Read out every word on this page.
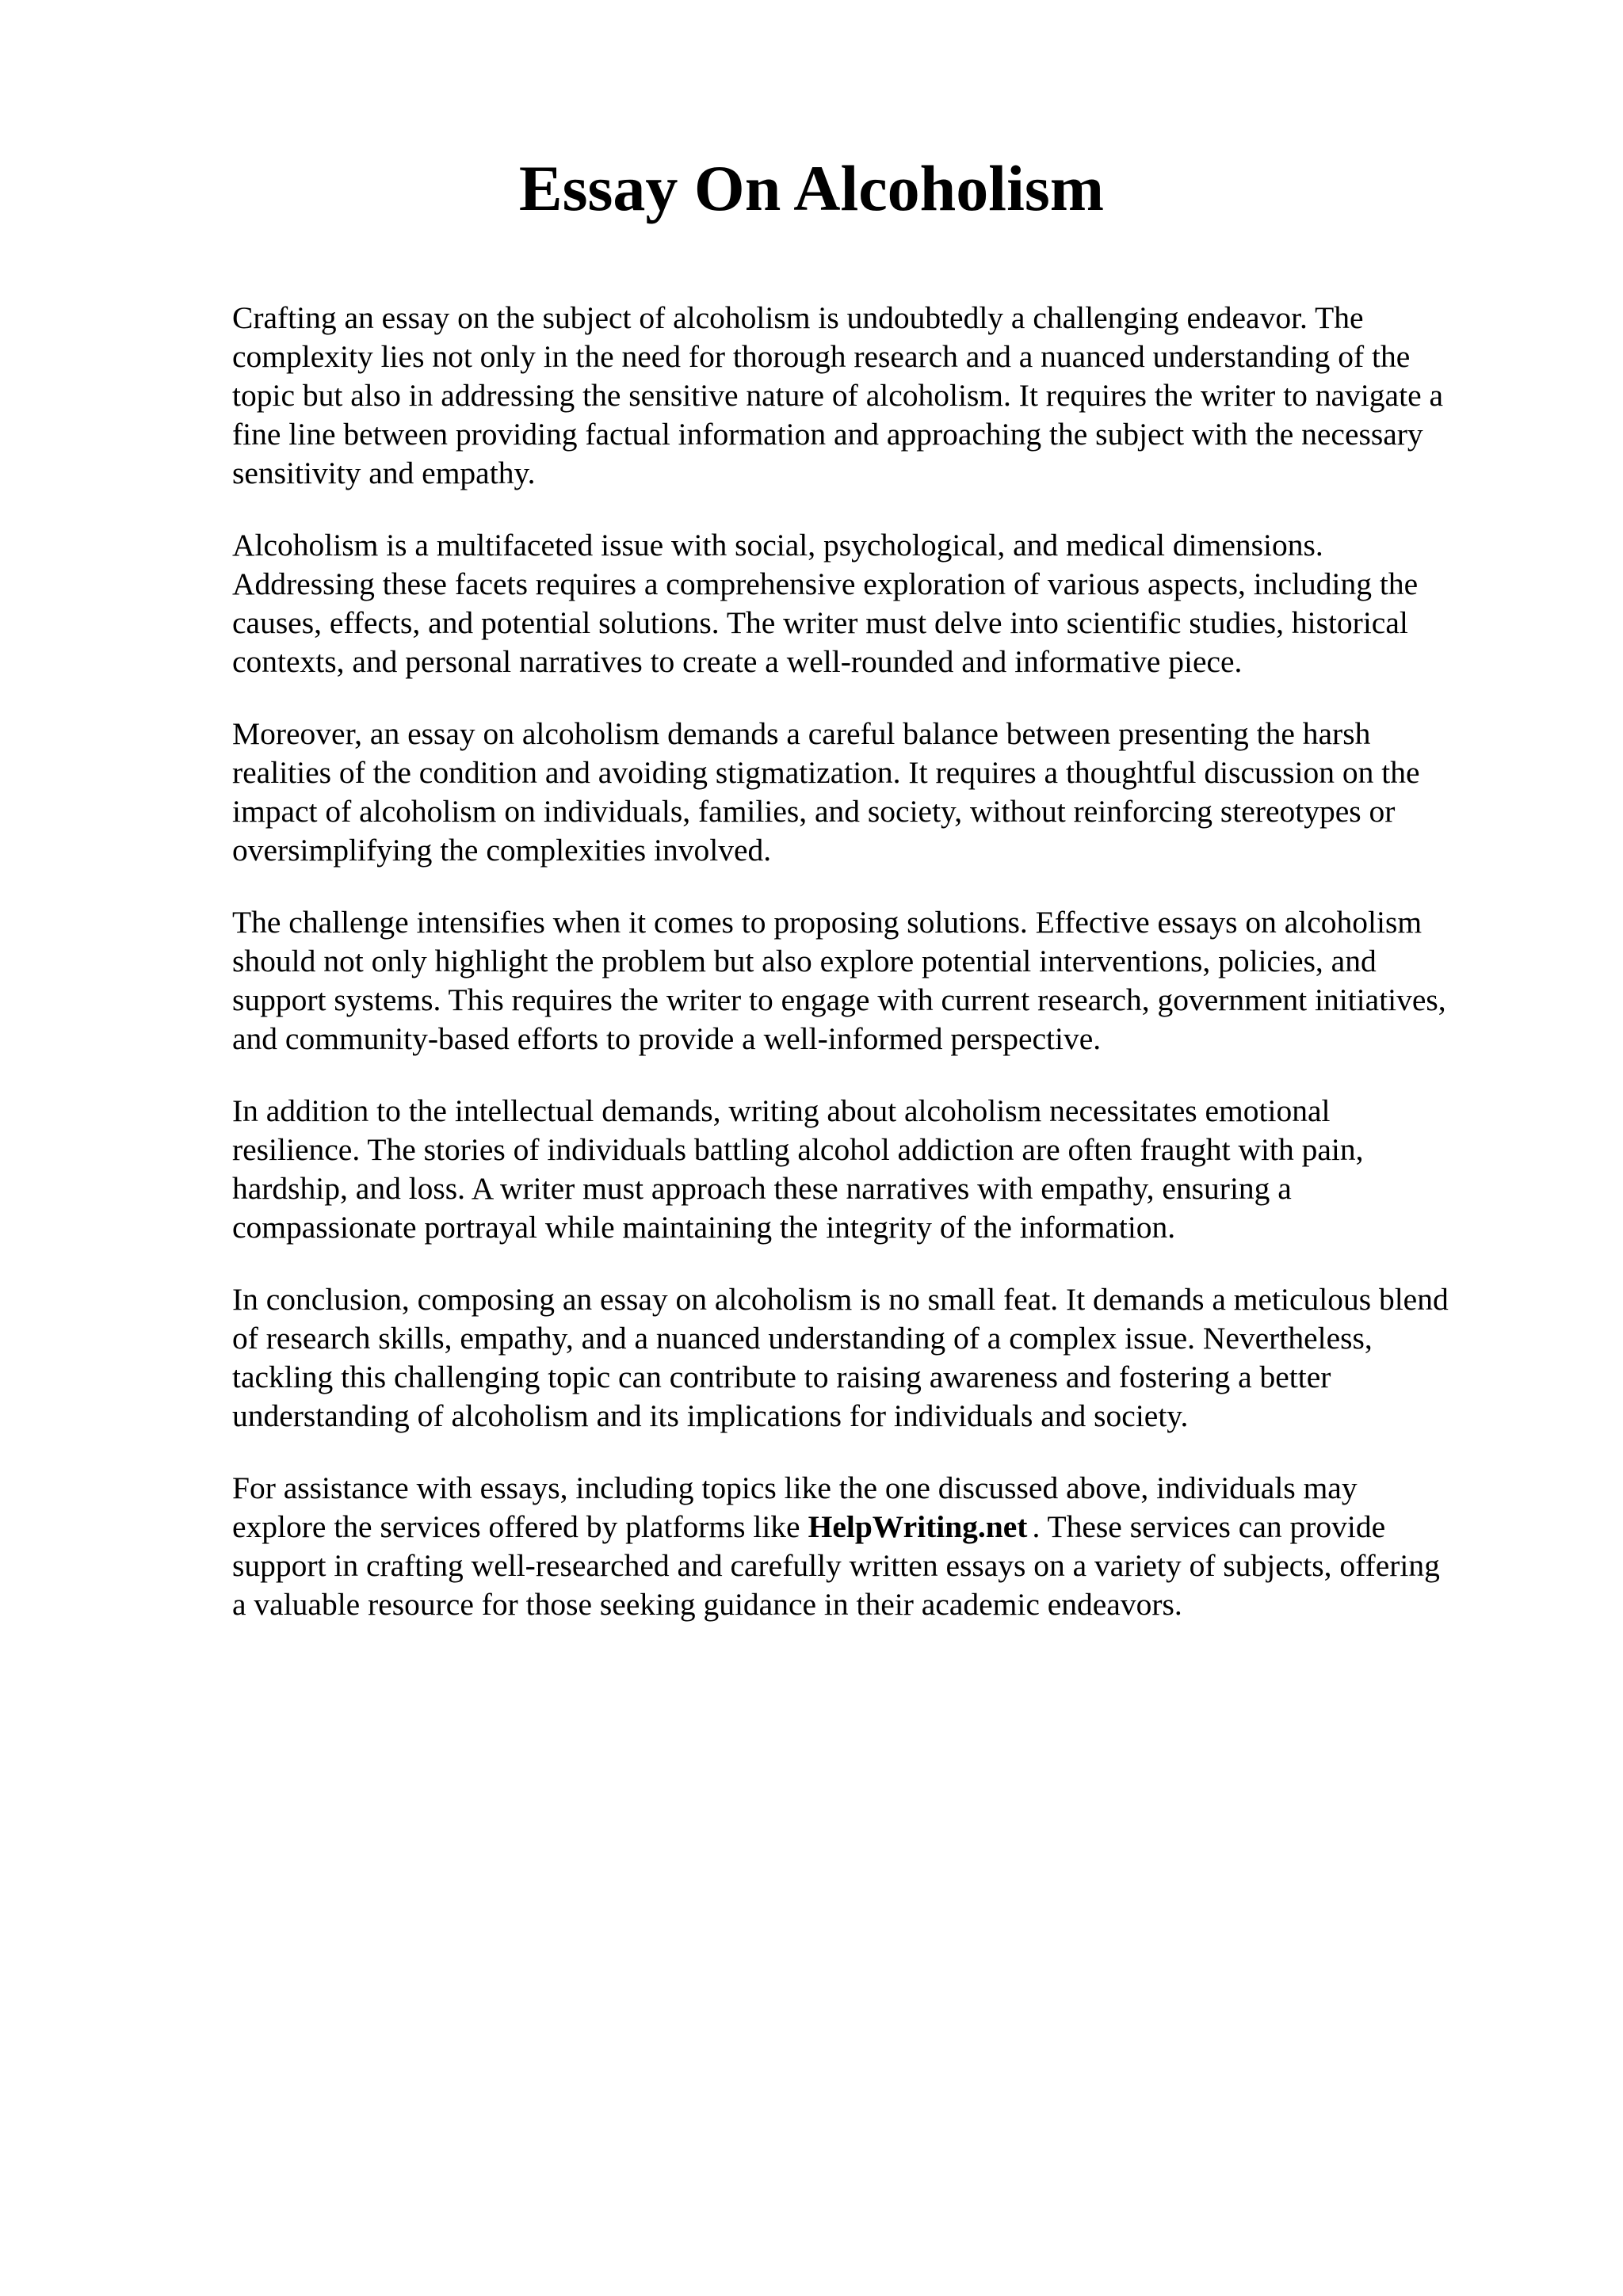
Essay On Alcoholism

Crafting an essay on the subject of alcoholism is undoubtedly a challenging endeavor. The
complexity lies not only in the need for thorough research and a nuanced understanding of the
topic but also in addressing the sensitive nature of alcoholism. It requires the writer to navigate a
fine line between providing factual information and approaching the subject with the necessary
sensitivity and empathy.

Alcoholism is a multifaceted issue with social, psychological, and medical dimensions.
Addressing these facets requires a comprehensive exploration of various aspects, including the
causes, effects, and potential solutions. The writer must delve into scientific studies, historical
contexts, and personal narratives to create a well-rounded and informative piece.

Moreover, an essay on alcoholism demands a careful balance between presenting the harsh
realities of the condition and avoiding stigmatization. It requires a thoughtful discussion on the
impact of alcoholism on individuals, families, and society, without reinforcing stereotypes or
oversimplifying the complexities involved.

The challenge intensifies when it comes to proposing solutions. Effective essays on alcoholism
should not only highlight the problem but also explore potential interventions, policies, and
support systems. This requires the writer to engage with current research, government initiatives,
and community-based efforts to provide a well-informed perspective.

In addition to the intellectual demands, writing about alcoholism necessitates emotional
resilience. The stories of individuals battling alcohol addiction are often fraught with pain,
hardship, and loss. A writer must approach these narratives with empathy, ensuring a
compassionate portrayal while maintaining the integrity of the information.

In conclusion, composing an essay on alcoholism is no small feat. It demands a meticulous blend
of research skills, empathy, and a nuanced understanding of a complex issue. Nevertheless,
tackling this challenging topic can contribute to raising awareness and fostering a better
understanding of alcoholism and its implications for individuals and society.

For assistance with essays, including topics like the one discussed above, individuals may
explore the services offered by platforms like HelpWriting.net . These services can provide
support in crafting well-researched and carefully written essays on a variety of subjects, offering
a valuable resource for those seeking guidance in their academic endeavors.
